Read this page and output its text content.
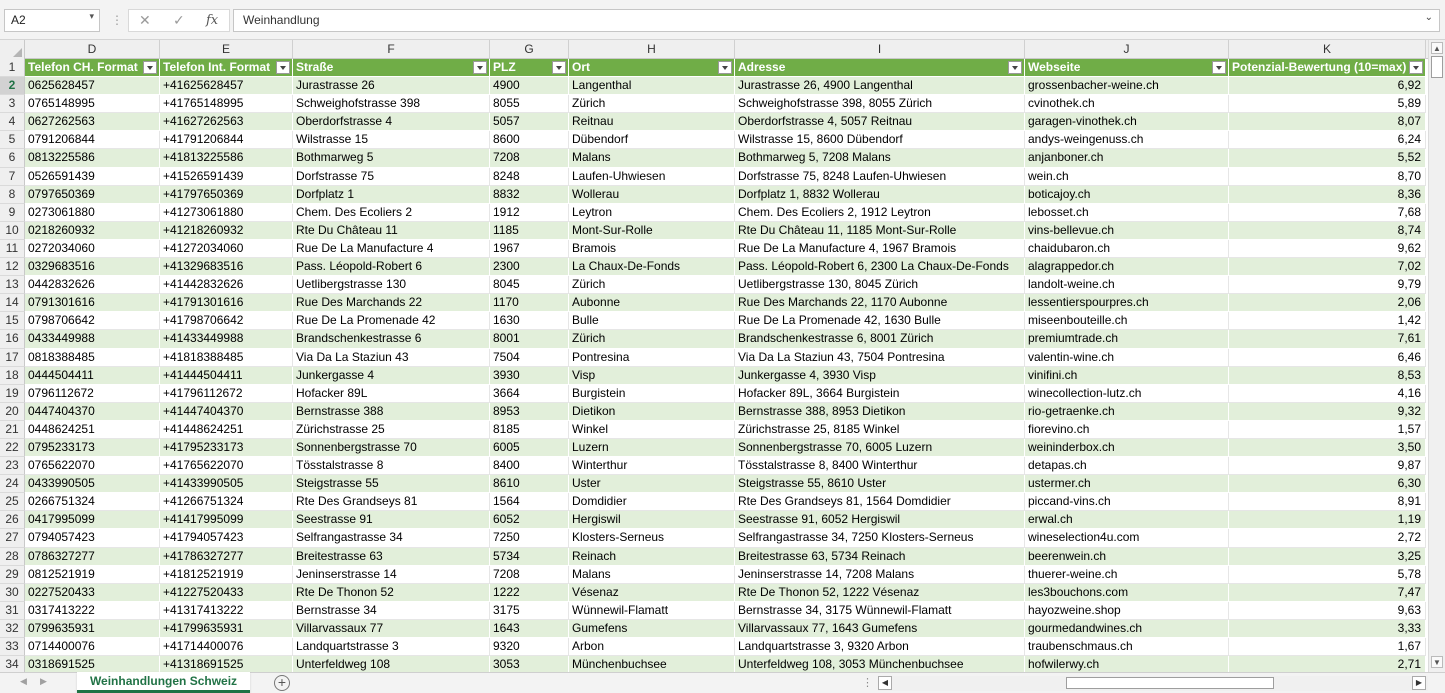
A2	▾ ⋮ ✕ ✓ fx	Weinhandlung	⌄
D	E	F	G	H	I	J	K
1	Telefon CH. Format	Telefon Int. Format	Straße	PLZ	Ort	Adresse	Webseite	Potenzial-Bewertung (10=max)
2	0625628457	+41625628457	Jurastrasse 26	4900	Langenthal	Jurastrasse 26, 4900 Langenthal	grossenbacher-weine.ch	6,92
3	0765148995	+41765148995	Schweighofstrasse 398	8055	Zürich	Schweighofstrasse 398, 8055 Zürich	cvinothek.ch	5,89
4	0627262563	+41627262563	Oberdorfstrasse 4	5057	Reitnau	Oberdorfstrasse 4, 5057 Reitnau	garagen-vinothek.ch	8,07
5	0791206844	+41791206844	Wilstrasse 15	8600	Dübendorf	Wilstrasse 15, 8600 Dübendorf	andys-weingenuss.ch	6,24
6	0813225586	+41813225586	Bothmarweg 5	7208	Malans	Bothmarweg 5, 7208 Malans	anjanboner.ch	5,52
7	0526591439	+41526591439	Dorfstrasse 75	8248	Laufen-Uhwiesen	Dorfstrasse 75, 8248 Laufen-Uhwiesen	wein.ch	8,70
8	0797650369	+41797650369	Dorfplatz 1	8832	Wollerau	Dorfplatz 1, 8832 Wollerau	boticajoy.ch	8,36
9	0273061880	+41273061880	Chem. Des Ecoliers 2	1912	Leytron	Chem. Des Ecoliers 2, 1912 Leytron	lebosset.ch	7,68
10 0218260932	+41218260932	Rte Du Château 11	1185	Mont-Sur-Rolle	Rte Du Château 11, 1185 Mont-Sur-Rolle	vins-bellevue.ch	8,74
11 0272034060	+41272034060	Rue De La Manufacture 4	1967	Bramois	Rue De La Manufacture 4, 1967 Bramois	chaidubaron.ch	9,62
12 0329683516	+41329683516	Pass. Léopold-Robert 6	2300	La Chaux-De-Fonds	Pass. Léopold-Robert 6, 2300 La Chaux-De-Fonds	alagrappedor.ch	7,02
13 0442832626	+41442832626	Uetlibergstrasse 130	8045	Zürich	Uetlibergstrasse 130, 8045 Zürich	landolt-weine.ch	9,79
14 0791301616	+41791301616	Rue Des Marchands 22	1170	Aubonne	Rue Des Marchands 22, 1170 Aubonne	lessentierspourpres.ch	2,06
15 0798706642	+41798706642	Rue De La Promenade 42	1630	Bulle	Rue De La Promenade 42, 1630 Bulle	miseenbouteille.ch	1,42
16 0433449988	+41433449988	Brandschenkestrasse 6	8001	Zürich	Brandschenkestrasse 6, 8001 Zürich	premiumtrade.ch	7,61
17 0818388485	+41818388485	Via Da La Staziun 43	7504	Pontresina	Via Da La Staziun 43, 7504 Pontresina	valentin-wine.ch	6,46
18 0444504411	+41444504411	Junkergasse 4	3930	Visp	Junkergasse 4, 3930 Visp	vinifini.ch	8,53
19 0796112672	+41796112672	Hofacker 89L	3664	Burgistein	Hofacker 89L, 3664 Burgistein	winecollection-lutz.ch	4,16
20 0447404370	+41447404370	Bernstrasse 388	8953	Dietikon	Bernstrasse 388, 8953 Dietikon	rio-getraenke.ch	9,32
21 0448624251	+41448624251	Zürichstrasse 25	8185	Winkel	Zürichstrasse 25, 8185 Winkel	fiorevino.ch	1,57
22 0795233173	+41795233173	Sonnenbergstrasse 70	6005	Luzern	Sonnenbergstrasse 70, 6005 Luzern	weininderbox.ch	3,50
23 0765622070	+41765622070	Tösstalstrasse 8	8400	Winterthur	Tösstalstrasse 8, 8400 Winterthur	detapas.ch	9,87
24 0433990505	+41433990505	Steigstrasse 55	8610	Uster	Steigstrasse 55, 8610 Uster	ustermer.ch	6,30
25 0266751324	+41266751324	Rte Des Grandseys 81	1564	Domdidier	Rte Des Grandseys 81, 1564 Domdidier	piccand-vins.ch	8,91
26 0417995099	+41417995099	Seestrasse 91	6052	Hergiswil	Seestrasse 91, 6052 Hergiswil	erwal.ch	1,19
27 0794057423	+41794057423	Selfrangastrasse 34	7250	Klosters-Serneus	Selfrangastrasse 34, 7250 Klosters-Serneus	wineselection4u.com	2,72
28 0786327277	+41786327277	Breitestrasse 63	5734	Reinach	Breitestrasse 63, 5734 Reinach	beerenwein.ch	3,25
29 0812521919	+41812521919	Jeninserstrasse 14	7208	Malans	Jeninserstrasse 14, 7208 Malans	thuerer-weine.ch	5,78
30 0227520433	+41227520433	Rte De Thonon 52	1222	Vésenaz	Rte De Thonon 52, 1222 Vésenaz	les3bouchons.com	7,47
31 0317413222	+41317413222	Bernstrasse 34	3175	Wünnewil-Flamatt	Bernstrasse 34, 3175 Wünnewil-Flamatt	hayozweine.shop	9,63
32 0799635931	+41799635931	Villarvassaux 77	1643	Gumefens	Villarvassaux 77, 1643 Gumefens	gourmedandwines.ch	3,33
33 0714400076	+41714400076	Landquartstrasse 3	9320	Arbon	Landquartstrasse 3, 9320 Arbon	traubenschmaus.ch	1,67
34 0318691525	+41318691525	Unterfeldweg 108	3053	Münchenbuchsee	Unterfeldweg 108, 3053 Münchenbuchsee	hofwilerwy.ch	2,71
▲
▼
◀ ▶	Weinhandlungen Schweiz	+	⋮ ◀	▶
